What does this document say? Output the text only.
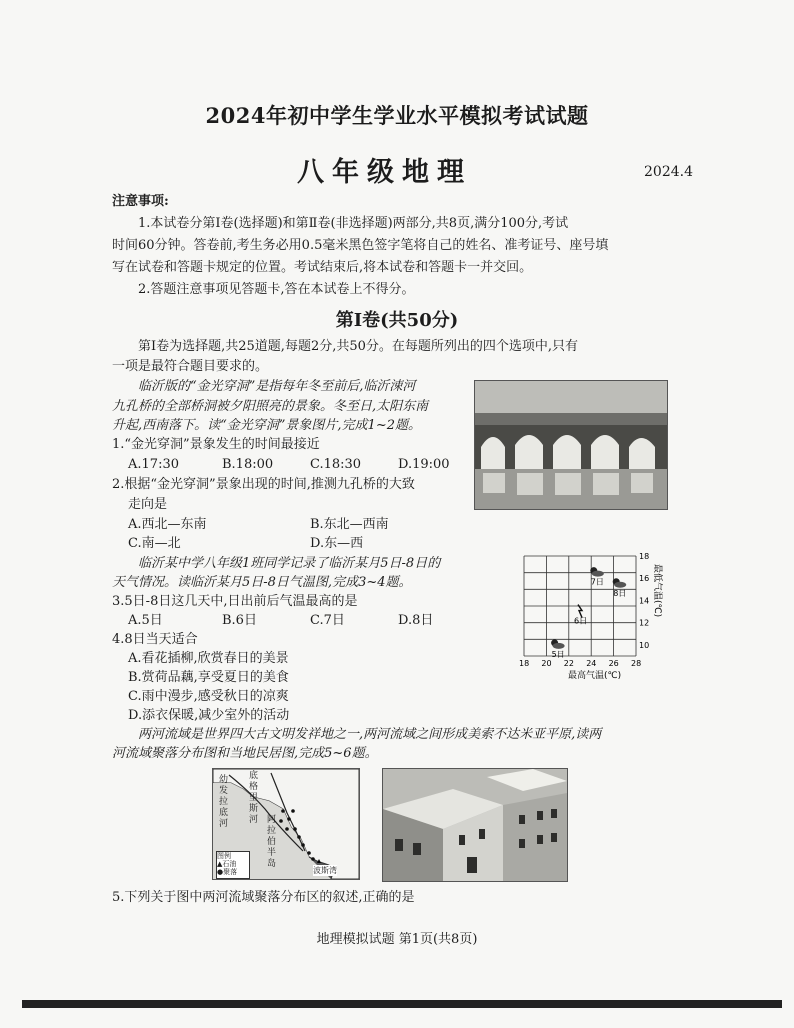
2024年初中学生学业水平模拟考试试题
八年级地理	2024.4
注意事项:
1.本试卷分第Ⅰ卷(选择题)和第Ⅱ卷(非选择题)两部分,共8页,满分100分,考试
时间60分钟。答卷前,考生务必用0.5毫米黑色签字笔将自己的姓名、准考证号、座号填
写在试卷和答题卡规定的位置。考试结束后,将本试卷和答题卡一并交回。
2.答题注意事项见答题卡,答在本试卷上不得分。
第Ⅰ卷(共50分)
第Ⅰ卷为选择题,共25道题,每题2分,共50分。在每题所列出的四个选项中,只有
一项是最符合题目要求的。
临沂版的“金光穿洞”是指每年冬至前后,临沂涑河
九孔桥的全部桥洞被夕阳照亮的景象。冬至日,太阳东南
升起,西南落下。读“金光穿洞”景象图片,完成1~2题。
1.“金光穿洞”景象发生的时间最接近
A.17:30	B.18:00	C.18:30	D.19:00
2.根据“金光穿洞”景象出现的时间,推测九孔桥的大致
走向是
A.西北—东南	B.东北—西南
C.南—北	D.东—西
临沂某中学八年级1班同学记录了临沂某月5日-8日的
天气情况。读临沂某月5日-8日气温图,完成3~4题。
3.5日-8日这几天中,日出前后气温最高的是
A.5日	B.6日	C.7日	D.8日
4.8日当天适合
A.看花插柳,欣赏春日的美景
B.赏荷品藕,享受夏日的美食
C.雨中漫步,感受秋日的凉爽
D.添衣保暖,减少室外的活动
18 20 22 24 26 28
10
12
14
16
18
5日
6日
7日
8日
最高气温(℃)
最低气温(℃)
两河流域是世界四大古文明发祥地之一,两河流域之间形成美索不达米亚平原,读两
河流域聚落分布图和当地民居图,完成5~6题。
幼发拉底河
底格里斯河 阿拉伯半岛
波斯湾
图例
▲石油
●聚落
5.下列关于图中两河流域聚落分布区的叙述,正确的是
地理模拟试题 第1页(共8页)
